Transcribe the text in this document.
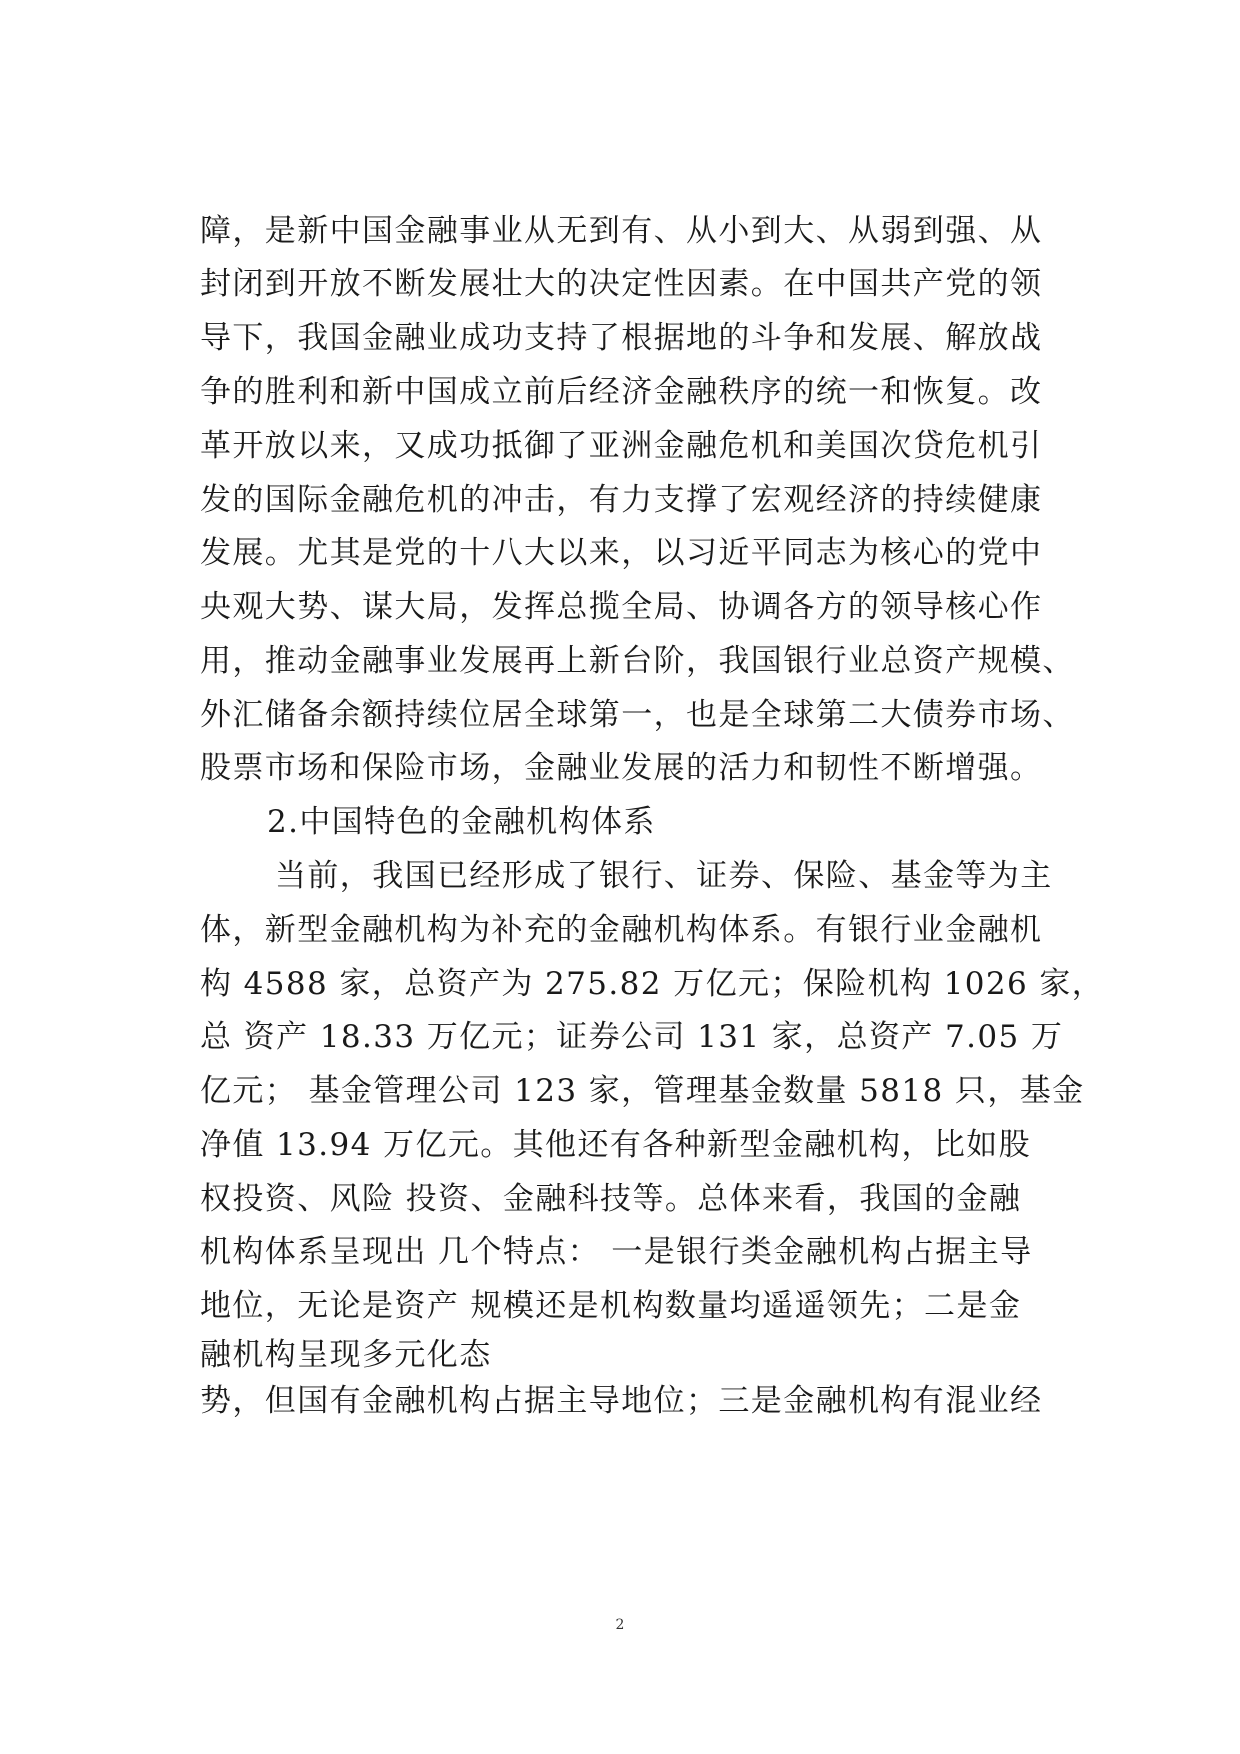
障，是新中国金融事业从无到有、从小到大、从弱到强、从
封闭到开放不断发展壮大的决定性因素。在中国共产党的领
导下，我国金融业成功支持了根据地的斗争和发展、解放战
争的胜利和新中国成立前后经济金融秩序的统一和恢复。改
革开放以来，又成功抵御了亚洲金融危机和美国次贷危机引
发的国际金融危机的冲击，有力支撑了宏观经济的持续健康
发展。尤其是党的十八大以来，以习近平同志为核心的党中
央观大势、谋大局，发挥总揽全局、协调各方的领导核心作
用，推动金融事业发展再上新台阶，我国银行业总资产规模、
外汇储备余额持续位居全球第一，也是全球第二大债券市场、
股票市场和保险市场，金融业发展的活力和韧性不断增强。
2.中国特色的金融机构体系
当前，我国已经形成了银行、证券、保险、基金等为主
体，新型金融机构为补充的金融机构体系。有银行业金融机
构 4588 家，总资产为 275.82 万亿元；保险机构 1026 家，
总 资产 18.33 万亿元；证券公司 131 家，总资产 7.05 万
亿元； 基金管理公司 123 家，管理基金数量 5818 只，基金
净值 13.94 万亿元。其他还有各种新型金融机构，比如股
权投资、风险 投资、金融科技等。总体来看，我国的金融
机构体系呈现出 几个特点： 一是银行类金融机构占据主导
地位，无论是资产 规模还是机构数量均遥遥领先；二是金
融机构呈现多元化态
势，但国有金融机构占据主导地位；三是金融机构有混业经
2
